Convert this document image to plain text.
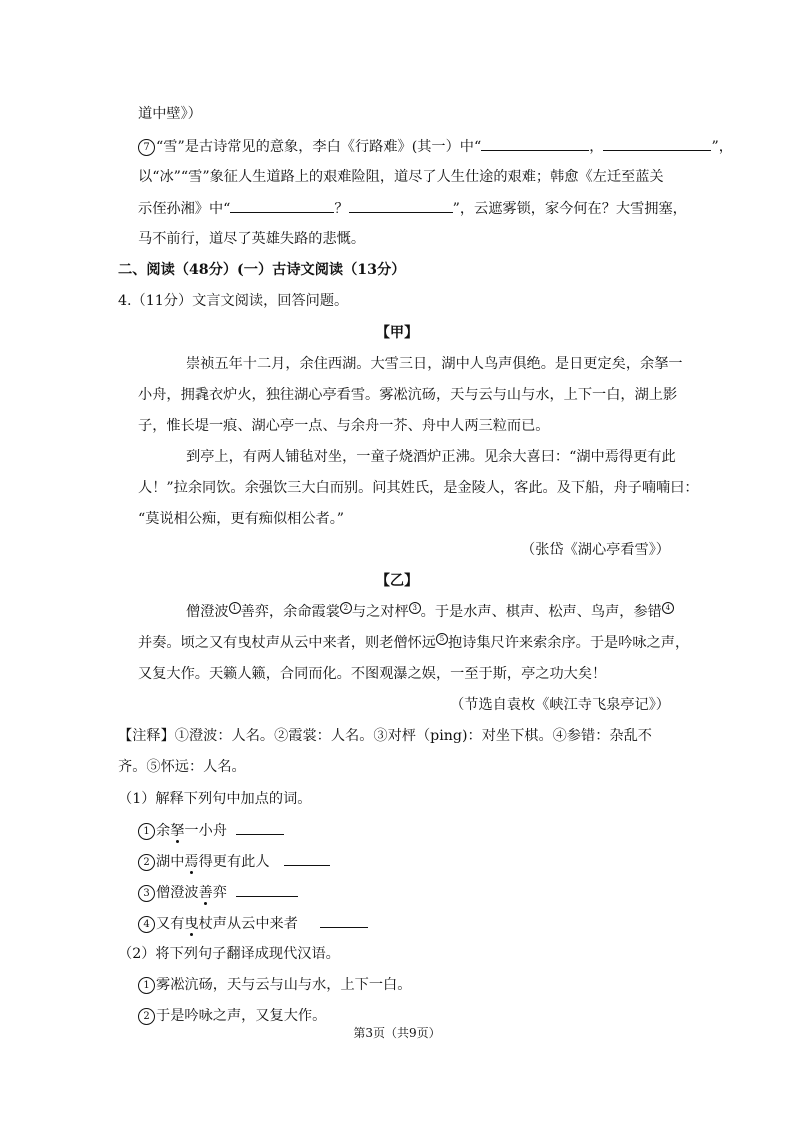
道中壁》）
7 “雪”是古诗常见的意象，李白《行路难》(其一）中“	，	”，
以“冰”“雪”象征人生道路上的艰难险阻，道尽了人生仕途的艰难；韩愈《左迁至蓝关
示侄孙湘》中“	？	”，云遮雾锁，家今何在？大雪拥塞，
马不前行，道尽了英雄失路的悲慨。
二、阅读（48分）(一）古诗文阅读（13分）
4.（11分）文言文阅读，回答问题。
【甲】
崇祯五年十二月，余住西湖。大雪三日，湖中人鸟声俱绝。是日更定矣，余拏一
小舟，拥毳衣炉火，独往湖心亭看雪。雾凇沆砀，天与云与山与水，上下一白，湖上影
子，惟长堤一痕、湖心亭一点、与余舟一芥、舟中人两三粒而已。
到亭上，有两人铺毡对坐，一童子烧酒炉正沸。见余大喜曰：“湖中焉得更有此
人！”拉余同饮。余强饮三大白而别。问其姓氏，是金陵人，客此。及下船，舟子喃喃曰：
“莫说相公痴，更有痴似相公者。”
（张岱《湖心亭看雪》）
【乙】
僧澄波 $^1$ 善弈，余命霞裳 $^2$ 与之对枰 $^3$ 。于是水声、棋声、松声、鸟声，参错 $^4$
并奏。顷之又有曳杖声从云中来者，则老僧怀远 $^5$ 抱诗集尺许来索余序。于是吟咏之声，
又复大作。天籁人籁，合同而化。不图观瀑之娱，一至于斯，亭之功大矣！
（节选自袁枚《峡江寺飞泉亭记》）
【注释】①澄波：人名。②霞裳：人名。③对枰（ping)：对坐下棋。④参错：杂乱不
齐。⑤怀远：人名。
（1）解释下列句中加点的词。
1 余拏一小舟
2 湖中焉得更有此人
3 僧澄波善弈
4 又有曳杖声从云中来者
（2）将下列句子翻译成现代汉语。
1 雾凇沆砀，天与云与山与水，上下一白。
2 于是吟咏之声，又复大作。
第3页（共9页）
